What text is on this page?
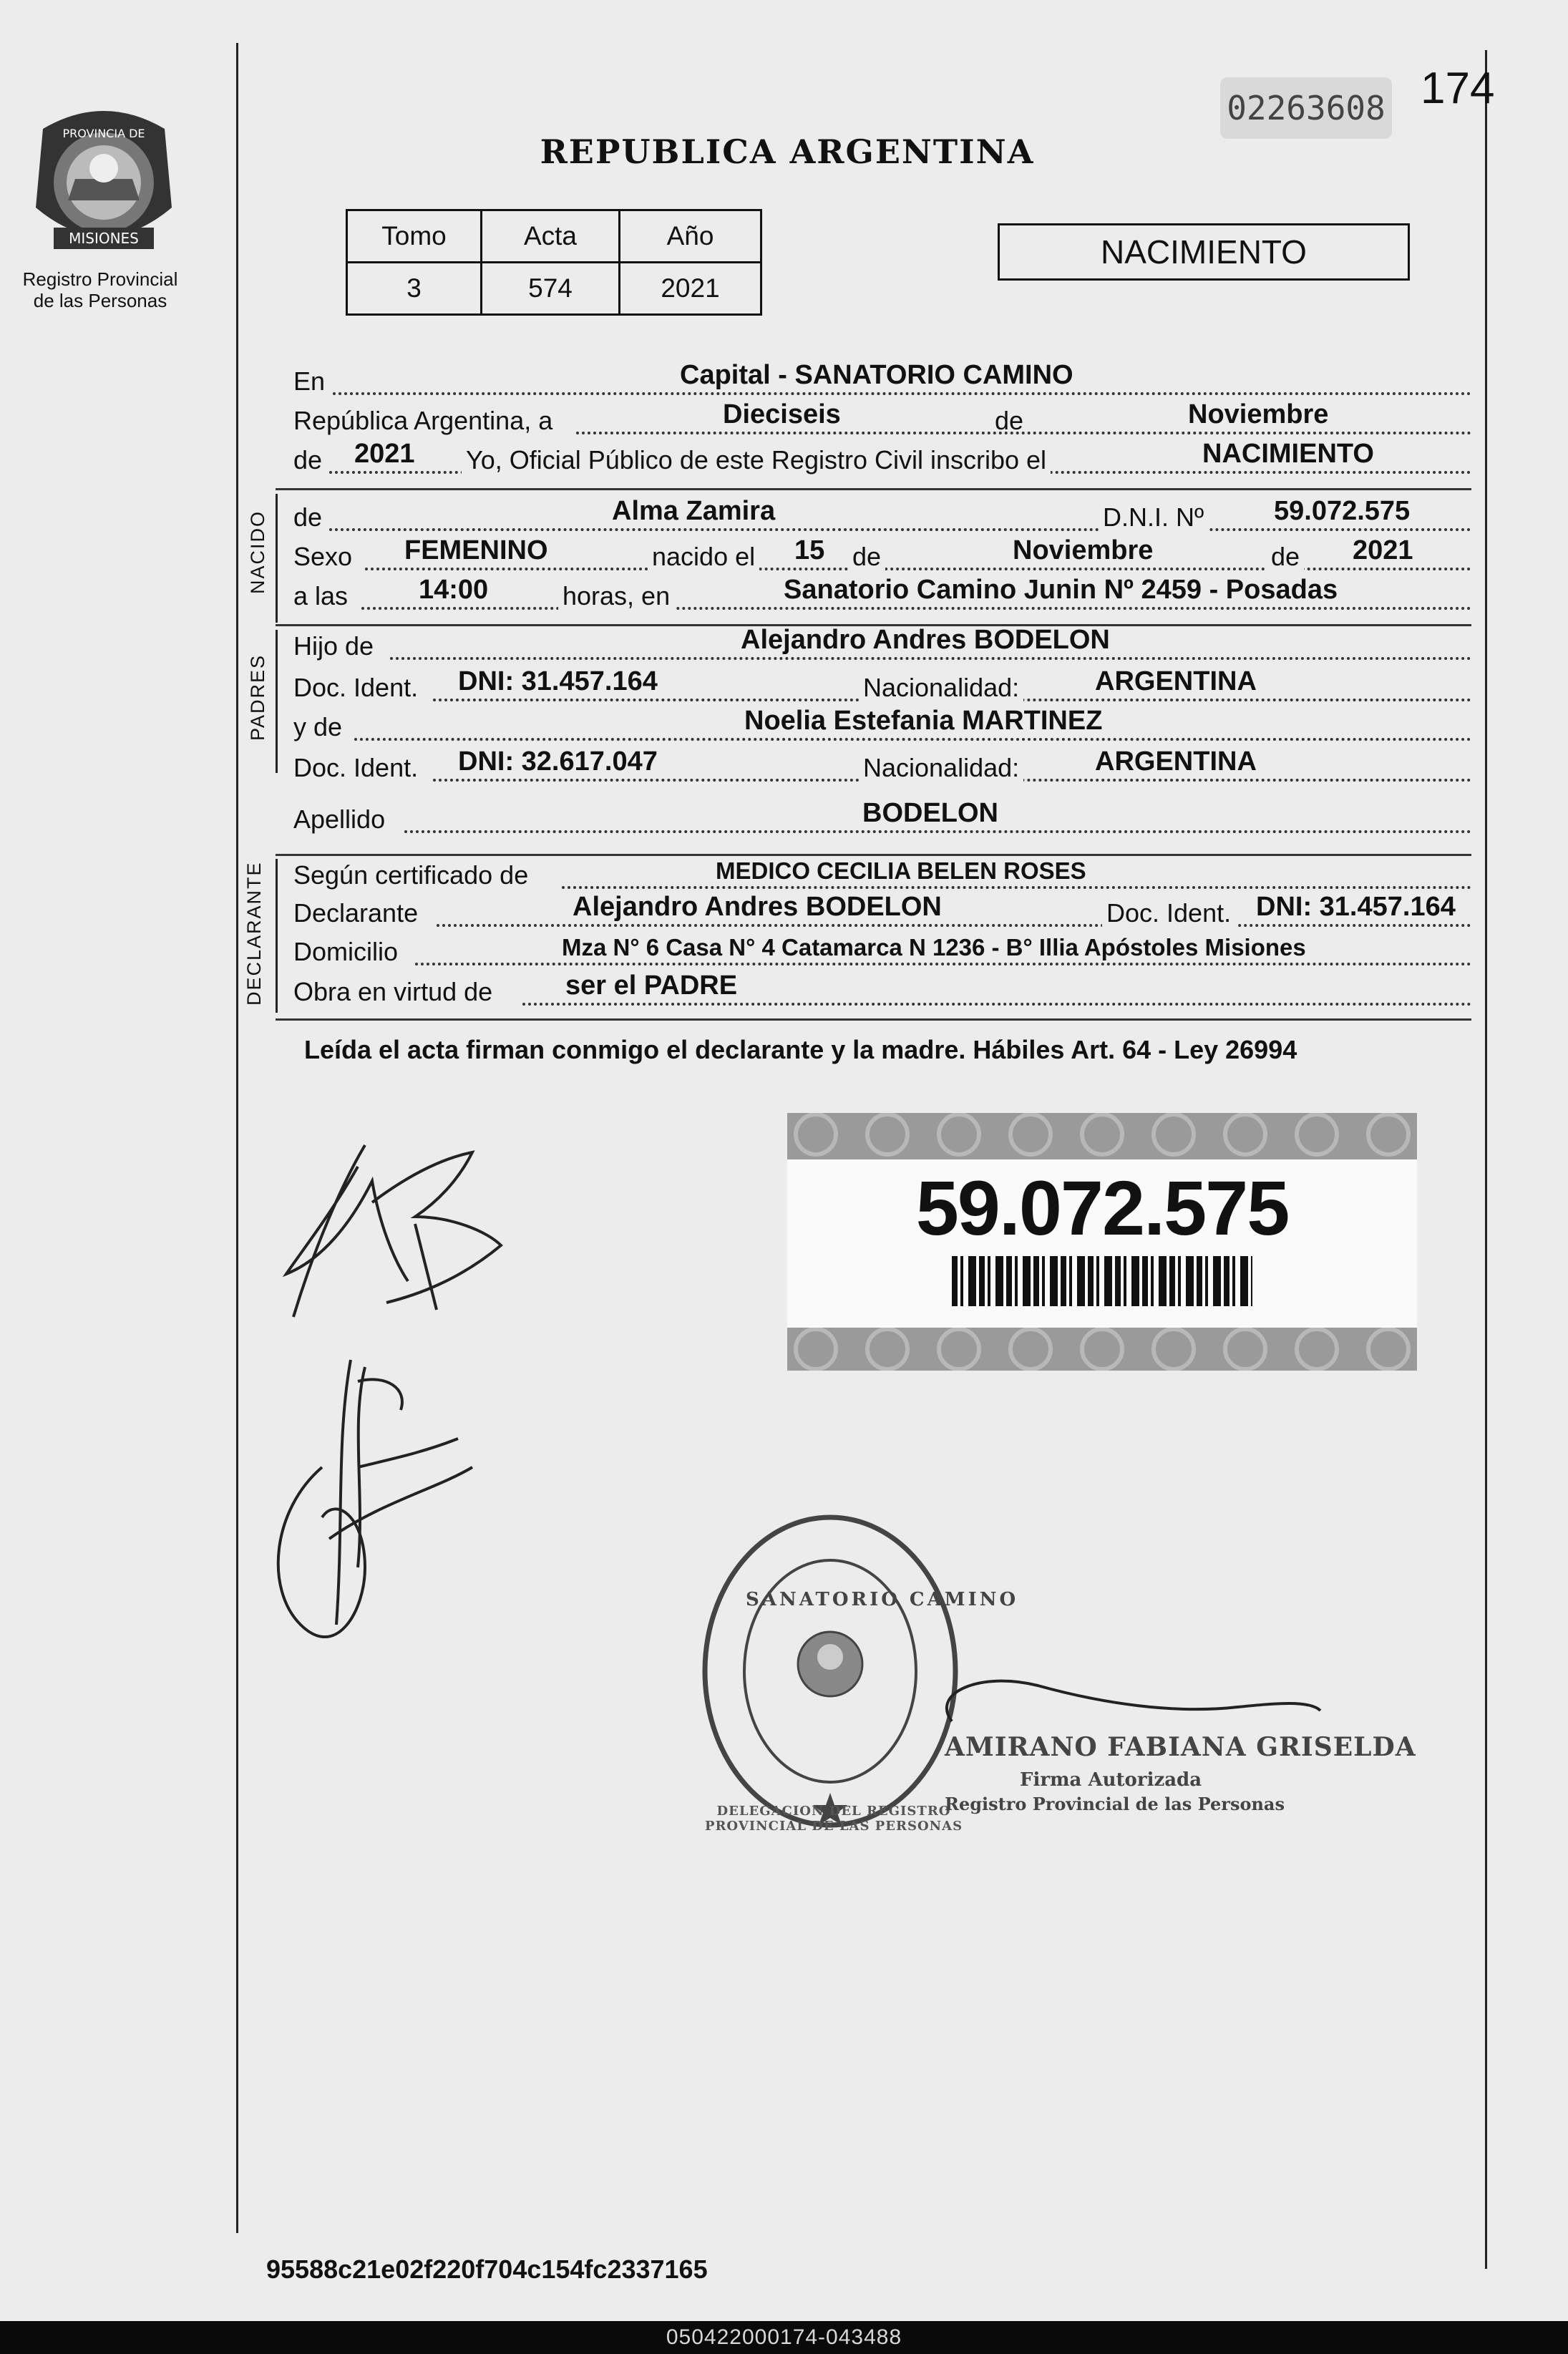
02263608 174
PROVINCIA DE
MISIONES
Registro Provincial
de las Personas
REPUBLICA ARGENTINA
Tomo	Acta	Año
3	574	2021
NACIMIENTO
En	Capital - SANATORIO CAMINO
República Argentina, a	Dieciseis	de	Noviembre
de 2021 Yo, Oficial Público de este Registro Civil inscribo el	NACIMIENTO
NACIDO de	Alma Zamira	D.N.I. Nº	59.072.575
Sexo FEMENINO	nacido el 15 de	Noviembre	de 2021
a las	14:00	horas, en	Sanatorio Camino Junin Nº 2459 - Posadas
PADRES
Hijo de	Alejandro Andres BODELON
Doc. Ident. DNI: 31.457.164	Nacionalidad:	ARGENTINA
y de	Noelia Estefania MARTINEZ
Doc. Ident. DNI: 32.617.047	Nacionalidad:	ARGENTINA
Apellido	BODELON
DECLARANTE Según certificado de	MEDICO CECILIA BELEN ROSES
Declarante	Alejandro Andres BODELON	Doc. Ident. DNI: 31.457.164
Domicilio	Mza N° 6 Casa N° 4 Catamarca N 1236 - B° Illia Apóstoles Misiones
Obra en virtud de	ser el PADRE
Leída el acta firman conmigo el declarante y la madre. Hábiles Art. 64 - Ley 26994
59.072.575
SANATORIO CAMINO
DELEGACION DEL REGISTRO PROVINCIAL DE LAS PERSONAS
AMIRANO FABIANA GRISELDA
Firma Autorizada
Registro Provincial de las Personas
95588c21e02f220f704c154fc2337165
050422000174-043488
